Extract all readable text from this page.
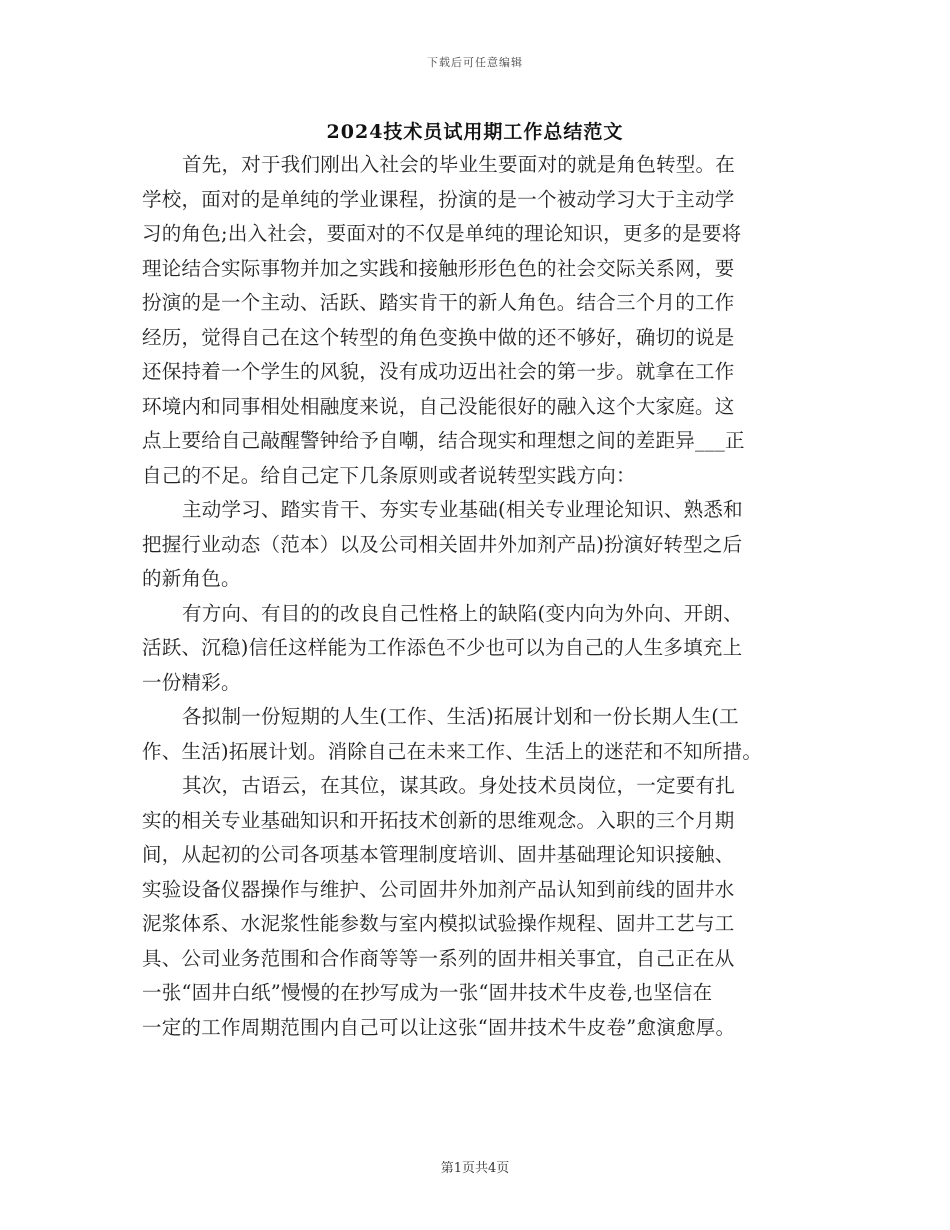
下载后可任意编辑
2024技术员试用期工作总结范文
首先，对于我们刚出入社会的毕业生要面对的就是角色转型。在
学校，面对的是单纯的学业课程，扮演的是一个被动学习大于主动学
习的角色;出入社会，要面对的不仅是单纯的理论知识，更多的是要将
理论结合实际事物并加之实践和接触形形色色的社会交际关系网，要
扮演的是一个主动、活跃、踏实肯干的新人角色。结合三个月的工作
经历，觉得自己在这个转型的角色变换中做的还不够好，确切的说是
还保持着一个学生的风貌，没有成功迈出社会的第一步。就拿在工作
环境内和同事相处相融度来说，自己没能很好的融入这个大家庭。这
点上要给自己敲醒警钟给予自嘲，结合现实和理想之间的差距异___正
自己的不足。给自己定下几条原则或者说转型实践方向：
主动学习、踏实肯干、夯实专业基础(相关专业理论知识、熟悉和
把握行业动态（范本）以及公司相关固井外加剂产品)扮演好转型之后
的新角色。
有方向、有目的的改良自己性格上的缺陷(变内向为外向、开朗、
活跃、沉稳)信任这样能为工作添色不少也可以为自己的人生多填充上
一份精彩。
各拟制一份短期的人生(工作、生活)拓展计划和一份长期人生(工
作、生活)拓展计划。消除自己在未来工作、生活上的迷茫和不知所措。
其次，古语云，在其位，谋其政。身处技术员岗位，一定要有扎
实的相关专业基础知识和开拓技术创新的思维观念。入职的三个月期
间，从起初的公司各项基本管理制度培训、固井基础理论知识接触、
实验设备仪器操作与维护、公司固井外加剂产品认知到前线的固井水
泥浆体系、水泥浆性能参数与室内模拟试验操作规程、固井工艺与工
具、公司业务范围和合作商等等一系列的固井相关事宜，自己正在从
一张“固井白纸”慢慢的在抄写成为一张“固井技术牛皮卷,也坚信在
一定的工作周期范围内自己可以让这张“固井技术牛皮卷”愈演愈厚。
第1页共4页
